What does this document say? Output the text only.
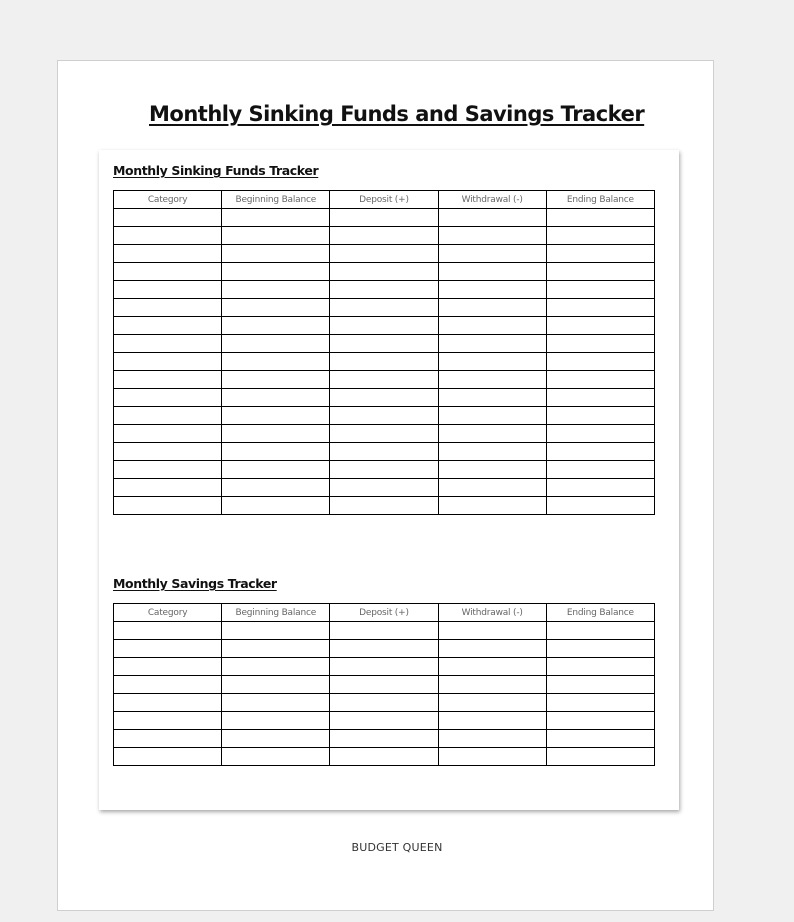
Monthly Sinking Funds and Savings Tracker
Monthly Sinking Funds Tracker
Category	Beginning Balance	Deposit (+)	Withdrawal (-)	Ending Balance

Monthly Savings Tracker
Category	Beginning Balance	Deposit (+)	Withdrawal (-)	Ending Balance

BUDGET QUEEN
